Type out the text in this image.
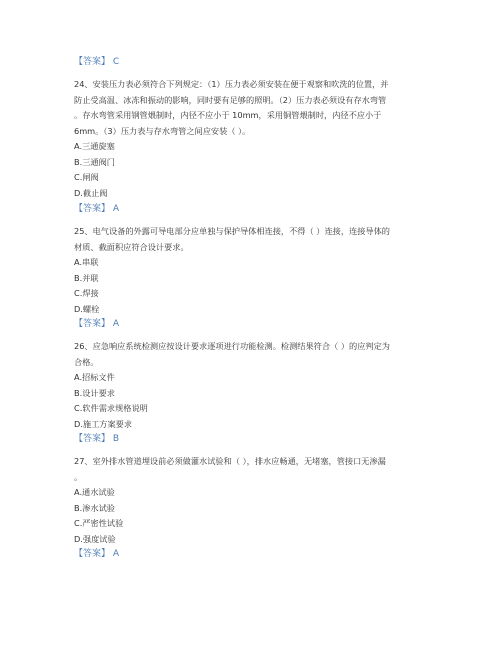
【答案】 C
24、安装压力表必须符合下列规定：（1）压力表必须安装在便于观察和吹洗的位置，并
防止受高温、冰冻和振动的影响，同时要有足够的照明。（2）压力表必须设有存水弯管
。存水弯管采用钢管煨制时，内径不应小于 10mm，采用铜管煨制时，内径不应小于
6mm。（3）压力表与存水弯管之间应安装（ ）。
A.三通旋塞
B.三通阀门
C.闸阀
D.截止阀
【答案】 A
25、电气设备的外露可导电部分应单独与保护导体相连接，不得（ ）连接，连接导体的
材质、截面积应符合设计要求。
A.串联
B.并联
C.焊接
D.螺栓
【答案】 A
26、应急响应系统检测应按设计要求逐项进行功能检测。检测结果符合（ ）的应判定为
合格。
A.招标文件
B.设计要求
C.软件需求规格说明
D.施工方案要求
【答案】 B
27、室外排水管道埋设前必须做灌水试验和（ ），排水应畅通，无堵塞，管接口无渗漏
。
A.通水试验
B.渗水试验
C.严密性试验
D.强度试验
【答案】 A
